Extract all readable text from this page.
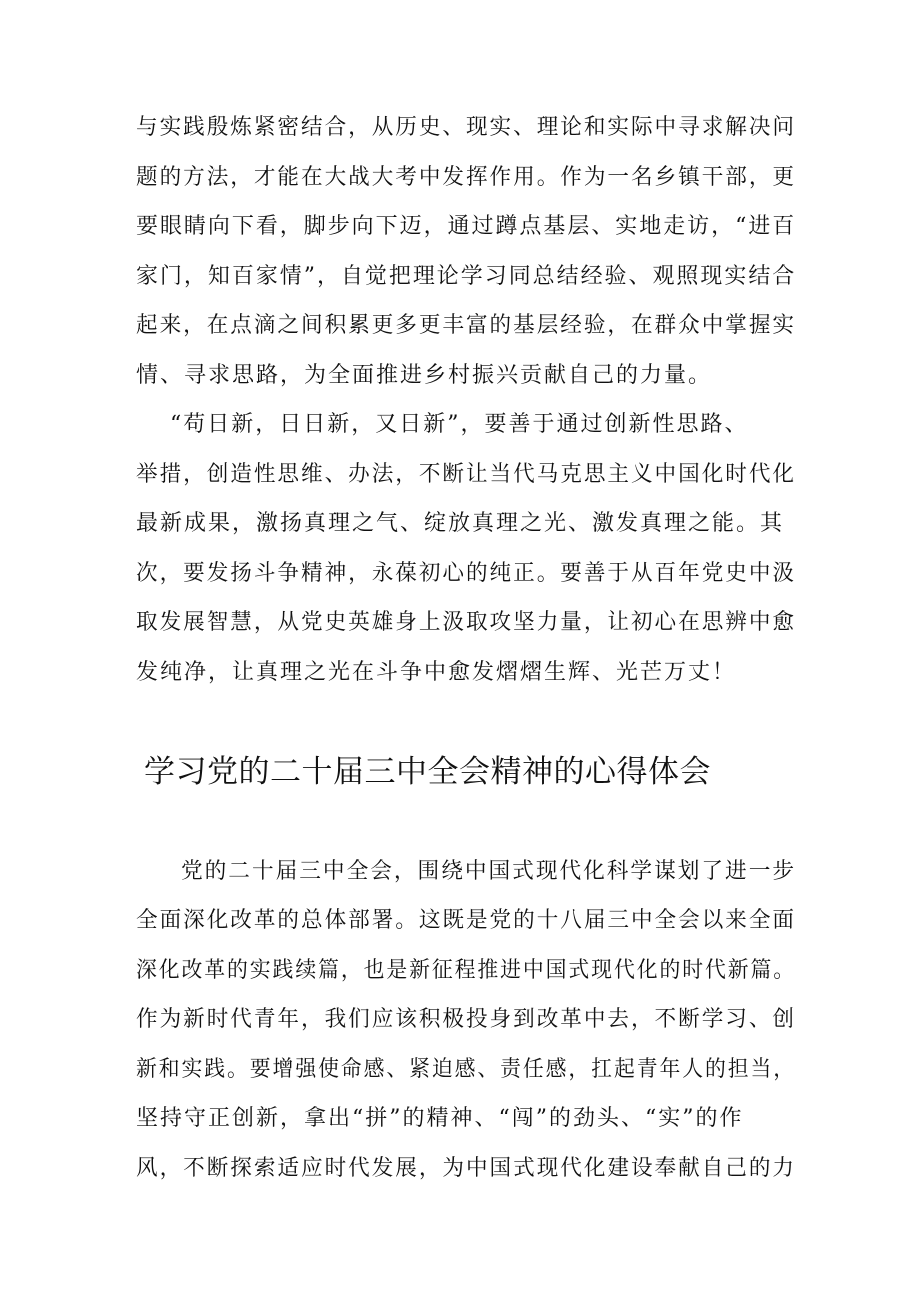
与实践殷炼紧密结合，从历史、现实、理论和实际中寻求解决问
题的方法，才能在大战大考中发挥作用。作为一名乡镇干部，更
要眼睛向下看，脚步向下迈，通过蹲点基层、实地走访，“进百
家门，知百家情”，自觉把理论学习同总结经验、观照现实结合
起来，在点滴之间积累更多更丰富的基层经验，在群众中掌握实
情、寻求思路，为全面推进乡村振兴贡献自己的力量。
“苟日新，日日新，又日新”，要善于通过创新性思路、
举措，创造性思维、办法，不断让当代马克思主义中国化时代化
最新成果，激扬真理之气、绽放真理之光、激发真理之能。其
次，要发扬斗争精神，永葆初心的纯正。要善于从百年党史中汲
取发展智慧，从党史英雄身上汲取攻坚力量，让初心在思辨中愈
发纯净，让真理之光在斗争中愈发熠熠生辉、光芒万丈！
学习党的二十届三中全会精神的心得体会
党的二十届三中全会，围绕中国式现代化科学谋划了进一步
全面深化改革的总体部署。这既是党的十八届三中全会以来全面
深化改革的实践续篇，也是新征程推进中国式现代化的时代新篇。
作为新时代青年，我们应该积极投身到改革中去，不断学习、创
新和实践。要增强使命感、紧迫感、责任感，扛起青年人的担当，
坚持守正创新，拿出“拼”的精神、“闯”的劲头、“实”的作
风，不断探索适应时代发展，为中国式现代化建设奉献自己的力
